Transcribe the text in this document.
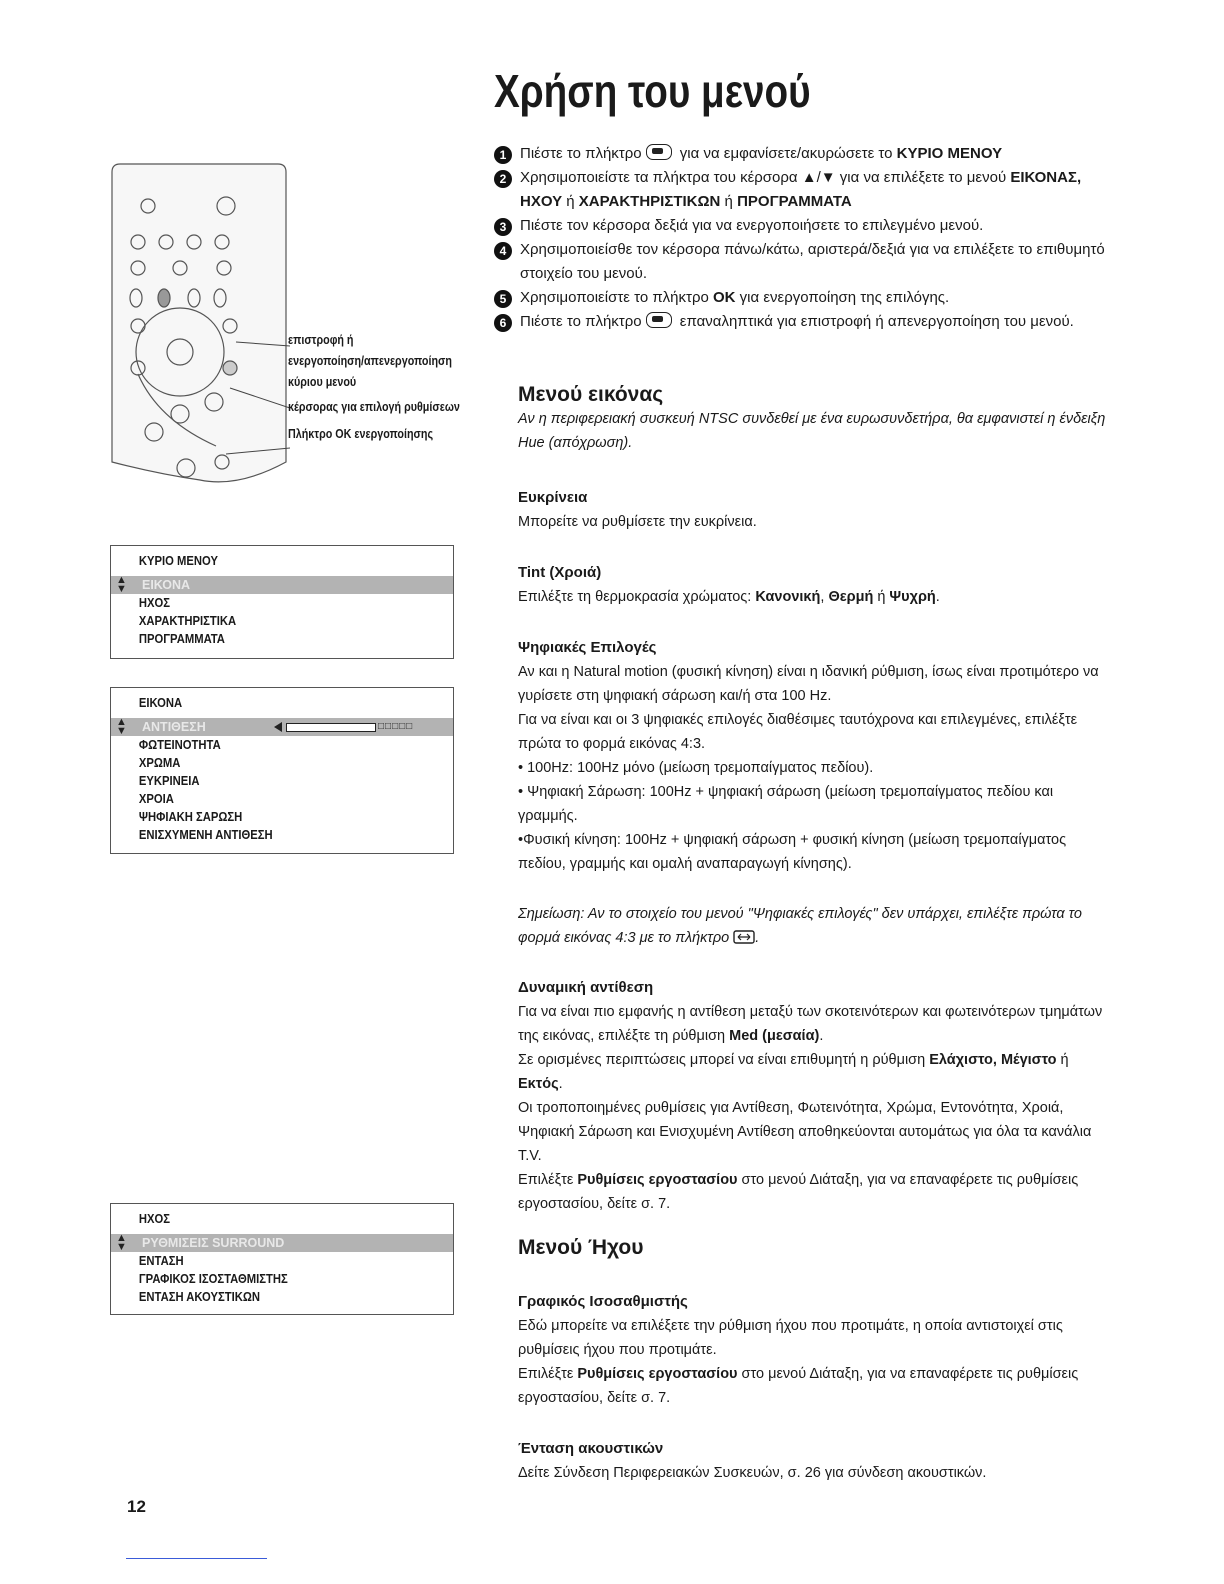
Χρήση του μενού
1 Πιέστε το πλήκτρο για να εμφανίσετε/ακυρώσετε το ΚΥΡΙΟ ΜΕΝΟΥ
2 Χρησιμοποιείστε τα πλήκτρα του κέρσορα ▲/▼ για να επιλέξετε το μενού ΕΙΚΟΝΑΣ,
ΗΧΟΥ ή ΧΑΡΑΚΤΗΡΙΣΤΙΚΩΝ ή ΠΡΟΓΡΑΜΜΑΤΑ
3 Πιέστε τον κέρσορα δεξιά για να ενεργοποιήσετε το επιλεγμένο μενού.
4 Χρησιμοποιείσθε τον κέρσορα πάνω/κάτω, αριστερά/δεξιά για να επιλέξετε το επιθυμητό στοιχείο του μενού.
5 Χρησιμοποιείστε το πλήκτρο OK για ενεργοποίηση της επιλόγης.
6 Πιέστε το πλήκτρο επαναληπτικά για επιστροφή ή απενεργοποίηση του μενού.
επιστροφή ή
ενεργοποίηση/απενεργοποίηση
κύριου μενού
κέρσορας για επιλογή ρυθμίσεων
Πλήκτρο OK ενεργοποίησης
ΚΥΡΙΟ ΜΕΝΟΥ
▲
▼ ΕΙΚΟΝΑ
ΗΧΟΣ
ΧΑΡΑΚΤΗΡΙΣΤΙΚΑ
ΠΡΟΓΡΑΜΜΑΤΑ
ΕΙΚΟΝΑ
▲
▼ ΑΝΤΙΘΕΣΗ	□□□□□
ΦΩΤΕΙΝΟΤΗΤΑ
ΧΡΩΜΑ
ΕΥΚΡΙΝΕΙΑ
ΧΡΟΙΑ
ΨΗΦΙΑΚΗ ΣΑΡΩΣΗ
ΕΝΙΣΧΥΜΕΝΗ ΑΝΤΙΘΕΣΗ
ΗΧΟΣ
▲
▼ ΡΥΘΜΙΣΕΙΣ SURROUND
ΕΝΤΑΣΗ
ΓΡΑΦΙΚΟΣ ΙΣΟΣΤΑΘΜΙΣΤΗΣ
ΕΝΤΑΣΗ ΑΚΟΥΣΤΙΚΩΝ
Μενού εικόνας

Αν η περιφερειακή συσκευή NTSC συνδεθεί με ένα ευρωσυνδετήρα, θα εμφανιστεί η ένδειξη Hue (απόχρωση).

Ευκρίνεια

Μπορείτε να ρυθμίσετε την ευκρίνεια.

Tint (Χροιά)

Επιλέξτε τη θερμοκρασία χρώματος: Κανονική, Θερμή ή Ψυχρή.

Ψηφιακές Επιλογές

Αν και η Natural motion (φυσική κίνηση) είναι η ιδανική ρύθμιση, ίσως είναι προτιμότερο να γυρίσετε στη ψηφιακή σάρωση και/ή στα 100 Hz.

Για να είναι και οι 3 ψηφιακές επιλογές διαθέσιμες ταυτόχρονα και επιλεγμένες, επιλέξτε πρώτα το φορμά εικόνας 4:3.

• 100Hz: 100Hz μόνο (μείωση τρεμοπαίγματος πεδίου).

• Ψηφιακή Σάρωση: 100Hz + ψηφιακή σάρωση (μείωση τρεμοπαίγματος πεδίου και γραμμής.

•Φυσική κίνηση: 100Hz + ψηφιακή σάρωση + φυσική κίνηση (μείωση τρεμοπαίγματος πεδίου, γραμμής και ομαλή αναπαραγωγή κίνησης).

Σημείωση: Αν το στοιχείο του μενού "Ψηφιακές επιλογές" δεν υπάρχει, επιλέξτε πρώτα το φορμά εικόνας 4:3 με το πλήκτρο .
Δυναμική αντίθεση

Για να είναι πιο εμφανής η αντίθεση μεταξύ των σκοτεινότερων και φωτεινότερων τμημάτων της εικόνας, επιλέξτε τη ρύθμιση Med (μεσαία).

Σε ορισμένες περιπτώσεις μπορεί να είναι επιθυμητή η ρύθμιση Ελάχιστο, Μέγιστο ή Εκτός.

Οι τροποποιημένες ρυθμίσεις για Αντίθεση, Φωτεινότητα, Χρώμα, Εντονότητα, Χροιά, Ψηφιακή Σάρωση και Ενισχυμένη Αντίθεση αποθηκεύονται αυτομάτως για όλα τα κανάλια T.V.

Επιλέξτε Ρυθμίσεις εργοστασίου στο μενού Διάταξη, για να επαναφέρετε τις ρυθμίσεις εργοστασίου, δείτε σ. 7.

Μενού Ήχου
Γραφικός Ισοσαθμιστής

Εδώ μπορείτε να επιλέξετε την ρύθμιση ήχου που προτιμάτε, η οποία αντιστοιχεί στις ρυθμίσεις ήχου που προτιμάτε.

Επιλέξτε Ρυθμίσεις εργοστασίου στο μενού Διάταξη, για να επαναφέρετε τις ρυθμίσεις εργοστασίου, δείτε σ. 7.

Ένταση ακουστικών

Δείτε Σύνδεση Περιφερειακών Συσκευών, σ. 26 για σύνδεση ακουστικών.

12
